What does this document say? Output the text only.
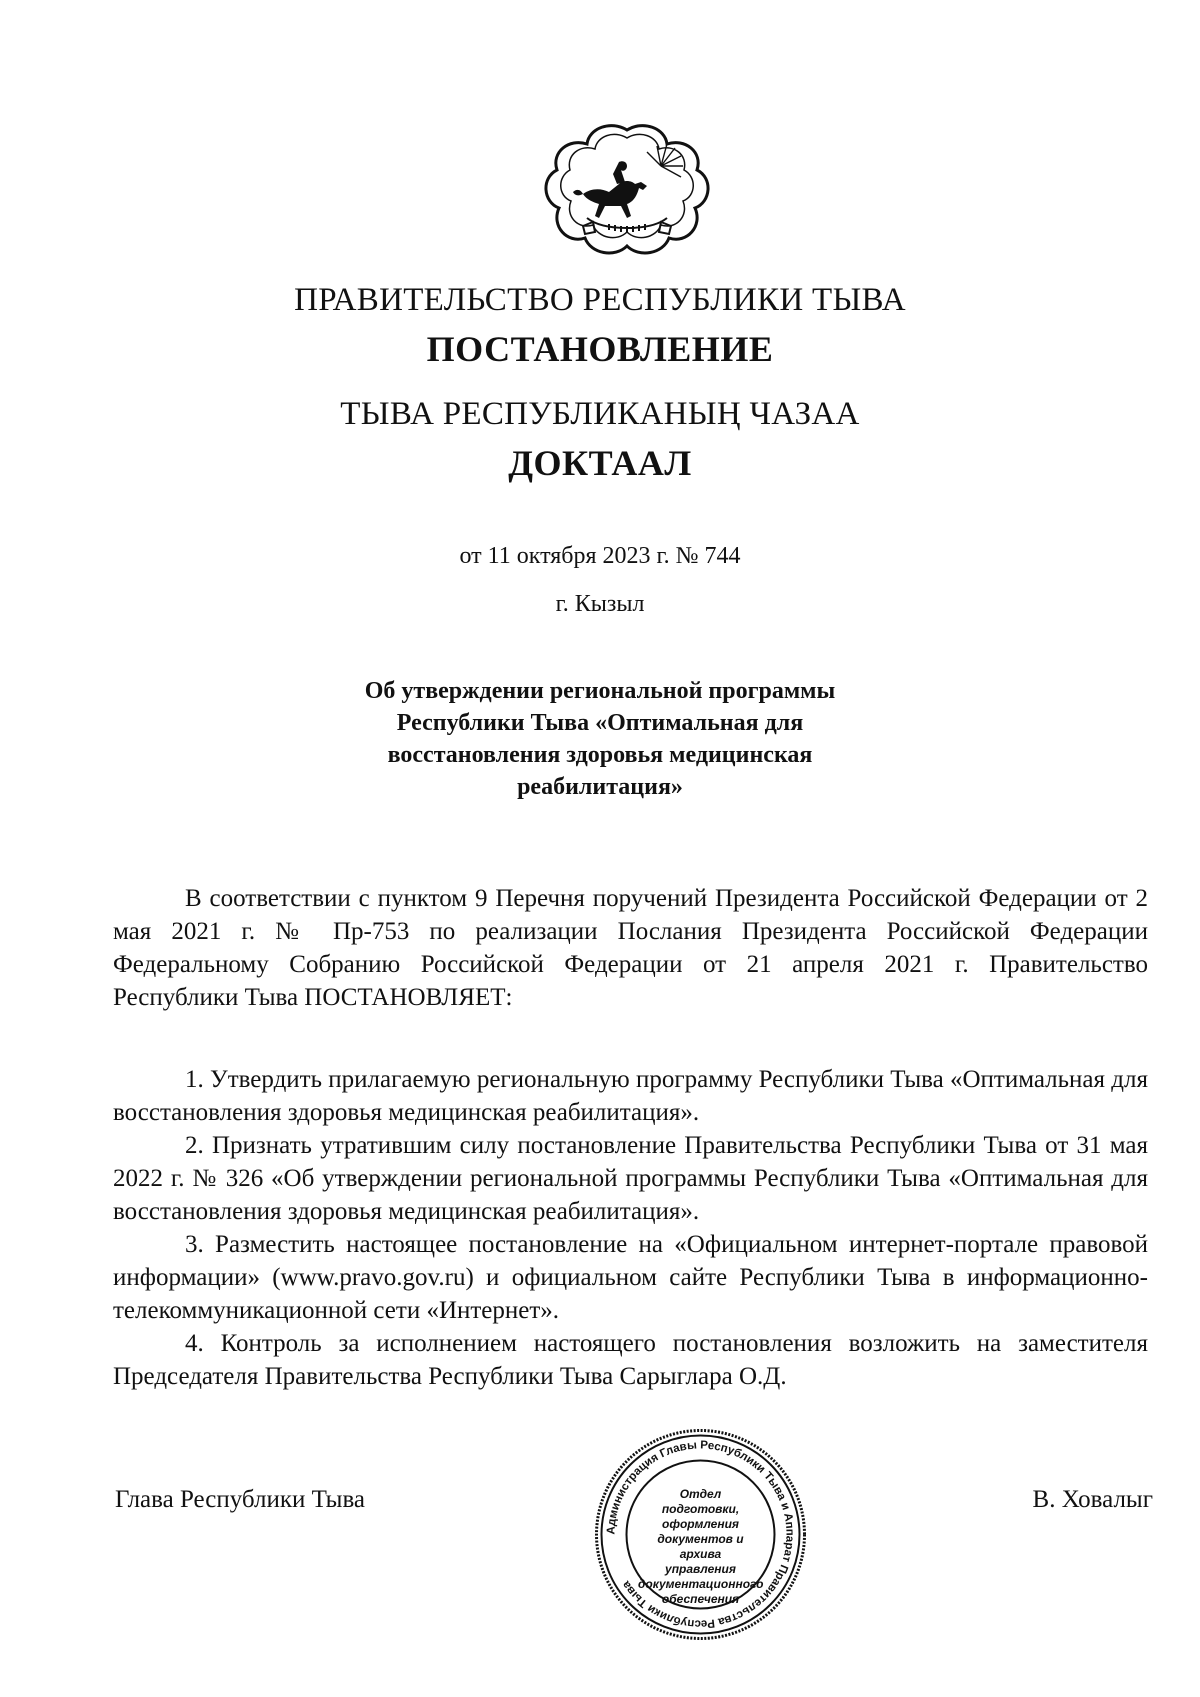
ПРАВИТЕЛЬСТВО РЕСПУБЛИКИ ТЫВА
ПОСТАНОВЛЕНИЕ
ТЫВА РЕСПУБЛИКАНЫҢ ЧАЗАА
ДОКТААЛ
от 11 октября 2023 г. № 744
г. Кызыл
Об утверждении региональной программы
Республики Тыва «Оптимальная для
восстановления здоровья медицинская
реабилитация»

В соответствии с пунктом 9 Перечня поручений Президента Российской Федерации от 2 мая 2021 г. № Пр-753 по реализации Послания Президента Российской Федерации Федеральному Собранию Российской Федерации от 21 апреля 2021 г. Правительство Республики Тыва ПОСТАНОВЛЯЕТ:

1. Утвердить прилагаемую региональную программу Республики Тыва «Оптимальная для восстановления здоровья медицинская реабилитация».

2. Признать утратившим силу постановление Правительства Республики Тыва от 31 мая 2022 г. № 326 «Об утверждении региональной программы Республики Тыва «Оптимальная для восстановления здоровья медицинская реабилитация».

3. Разместить настоящее постановление на «Официальном интернет-портале правовой информации» (www.pravo.gov.ru) и официальном сайте Республики Тыва в информационно-телекоммуникационной сети «Интернет».

4. Контроль за исполнением настоящего постановления возложить на заместителя Председателя Правительства Республики Тыва Сарыглара О.Д.

Глава Республики Тыва	В. Ховалыг
Администрация Главы Республики Тыва и Аппарат Правительства Республики Тыва
Отдел
подготовки,
оформления
документов и архива
управления
документационного
обеспечения
